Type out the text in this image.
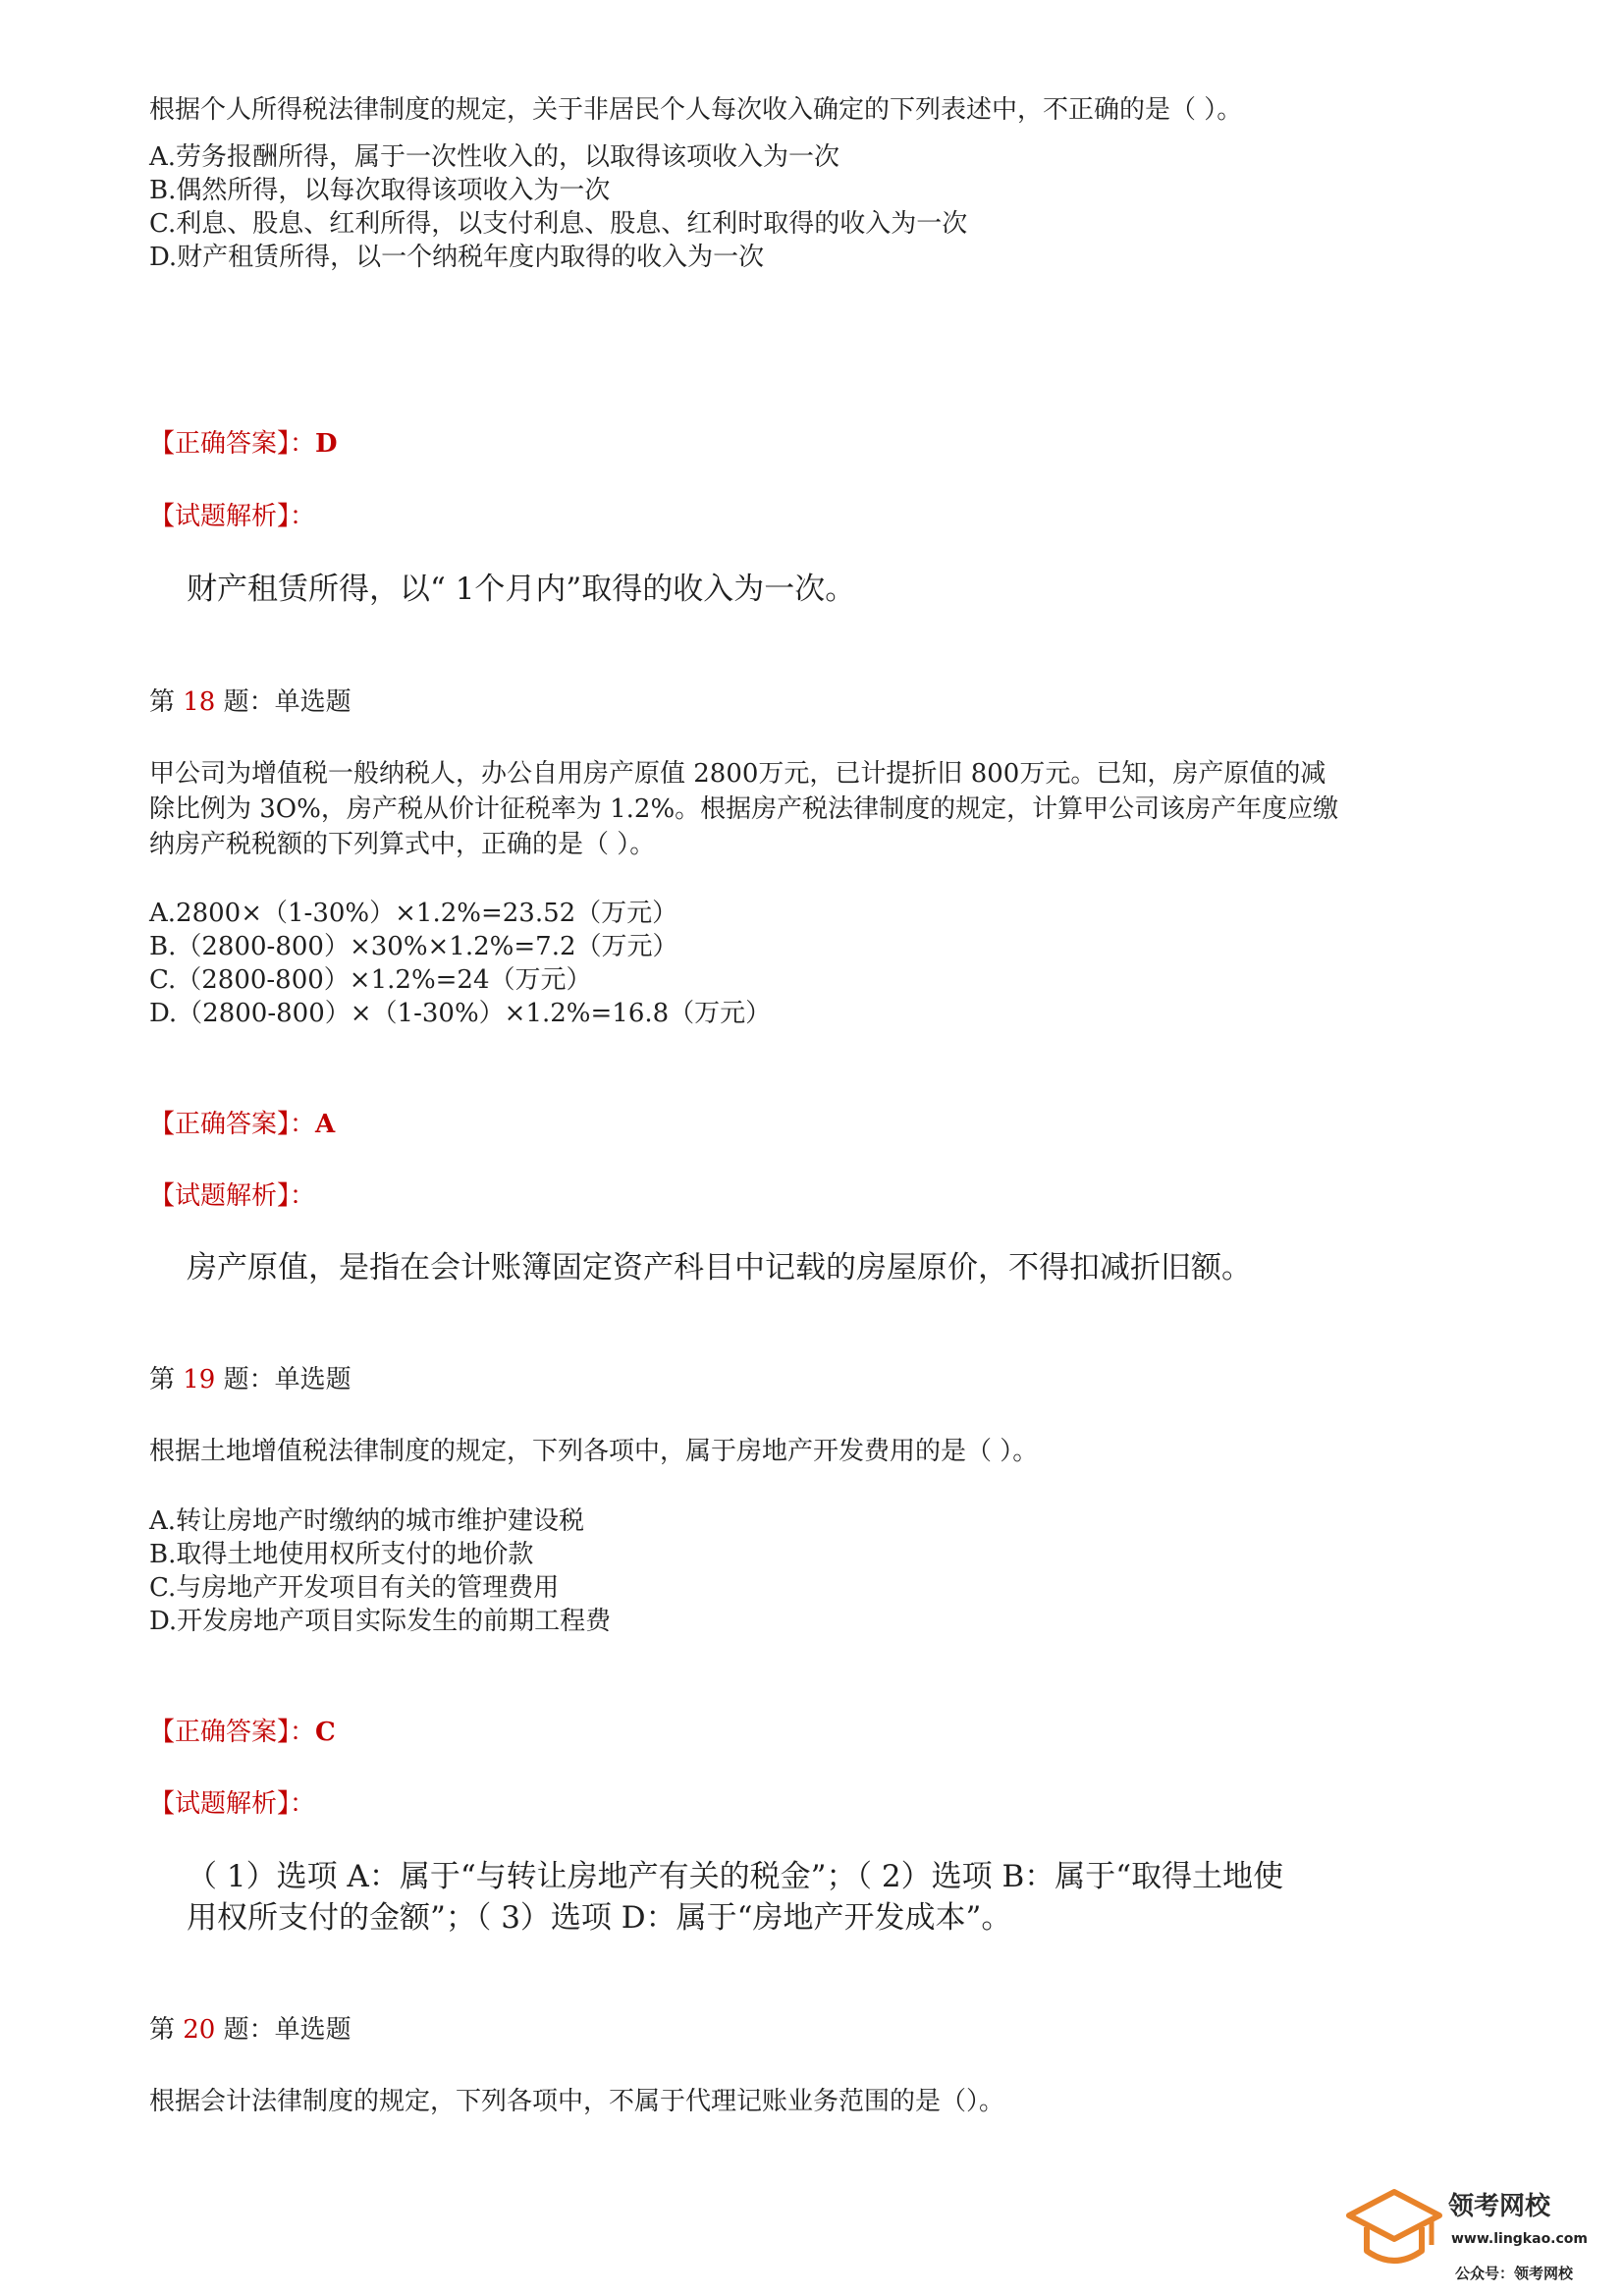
根据个人所得税法律制度的规定，关于非居民个人每次收入确定的下列表述中，不正确的是（ ）。
A.劳务报酬所得，属于一次性收入的，以取得该项收入为一次
B.偶然所得，以每次取得该项收入为一次
C.利息、股息、红利所得，以支付利息、股息、红利时取得的收入为一次
D.财产租赁所得，以一个纳税年度内取得的收入为一次
【正确答案】：D
【试题解析】：
财产租赁所得，以“ 1个月内”取得的收入为一次。
第 18 题：单选题
甲公司为增值税一般纳税人，办公自用房产原值 2800万元，已计提折旧 800万元。已知，房产原值的减
除比例为 3O%，房产税从价计征税率为 1.2%。根据房产税法律制度的规定，计算甲公司该房产年度应缴
纳房产税税额的下列算式中，正确的是（ ）。
A.2800×（1-30%）×1.2%=23.52（万元）
B.（2800-800）×30%×1.2%=7.2（万元）
C.（2800-800）×1.2%=24（万元）
D.（2800-800）×（1-30%）×1.2%=16.8（万元）
【正确答案】：A
【试题解析】：
房产原值，是指在会计账簿固定资产科目中记载的房屋原价，不得扣减折旧额。
第 19 题：单选题
根据土地增值税法律制度的规定，下列各项中，属于房地产开发费用的是（ ）。
A.转让房地产时缴纳的城市维护建设税
B.取得土地使用权所支付的地价款
C.与房地产开发项目有关的管理费用
D.开发房地产项目实际发生的前期工程费
【正确答案】：C
【试题解析】：
（ 1）选项 A：属于“与转让房地产有关的税金”；（ 2）选项 B：属于“取得土地使
用权所支付的金额”；（ 3）选项 D：属于“房地产开发成本”。
第 20 题：单选题
根据会计法律制度的规定，下列各项中，不属于代理记账业务范围的是（）。
领考网校
www.lingkao.com
公众号：领考网校
